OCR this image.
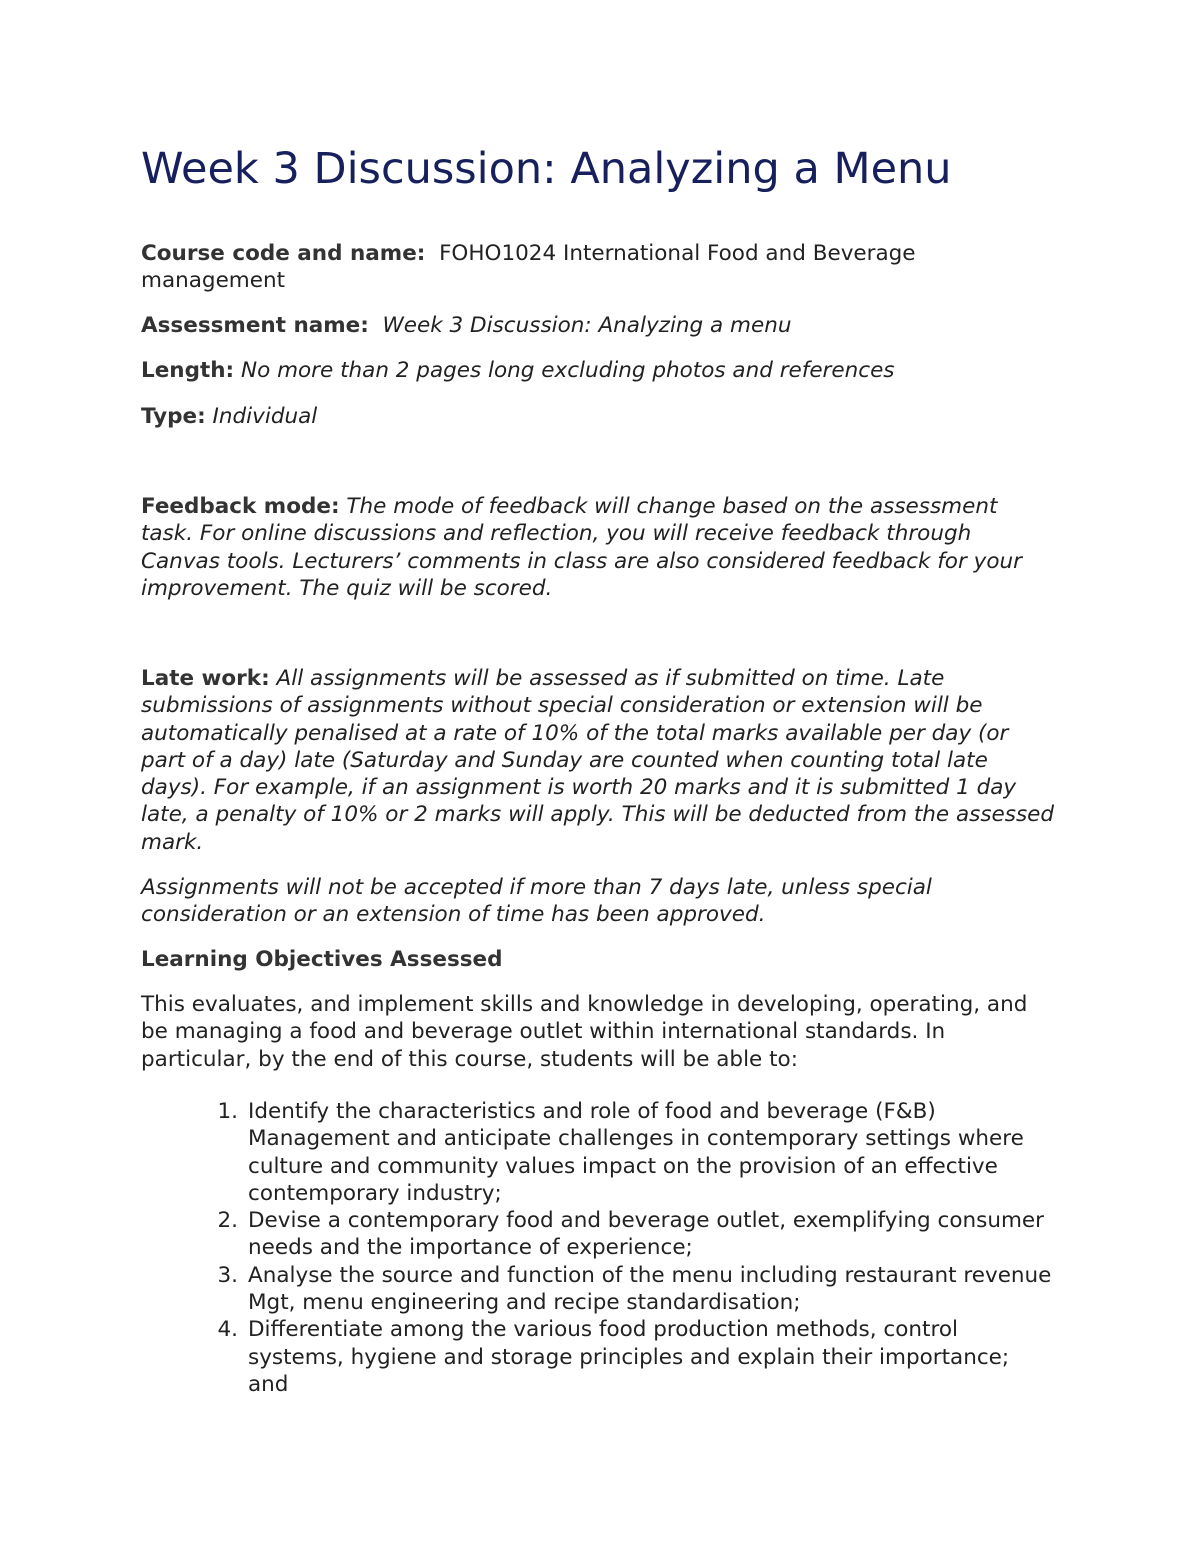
Week 3 Discussion: Analyzing a Menu

Course code and name: FOHO1024 International Food and Beverage management

Assessment name: Week 3 Discussion: Analyzing a menu

Length: No more than 2 pages long excluding photos and references

Type: Individual

Feedback mode: The mode of feedback will change based on the assessment task. For online discussions and reflection, you will receive feedback through Canvas tools. Lecturers’ comments in class are also considered feedback for your improvement. The quiz will be scored.

Late work: All assignments will be assessed as if submitted on time. Late submissions of assignments without special consideration or extension will be automatically penalised at a rate of 10% of the total marks available per day (or part of a day) late (Saturday and Sunday are counted when counting total late days). For example, if an assignment is worth 20 marks and it is submitted 1 day late, a penalty of 10% or 2 marks will apply. This will be deducted from the assessed mark.

Assignments will not be accepted if more than 7 days late, unless special consideration or an extension of time has been approved.

Learning Objectives Assessed

This evaluates, and implement skills and knowledge in developing, operating, and be managing a food and beverage outlet within international standards. In particular, by the end of this course, students will be able to:

Identify the characteristics and role of food and beverage (F&B) Management and anticipate challenges in contemporary settings where culture and community values impact on the provision of an effective contemporary industry;
Devise a contemporary food and beverage outlet, exemplifying consumer needs and the importance of experience;
Analyse the source and function of the menu including restaurant revenue Mgt, menu engineering and recipe standardisation;
Differentiate among the various food production methods, control systems, hygiene and storage principles and explain their importance; and
